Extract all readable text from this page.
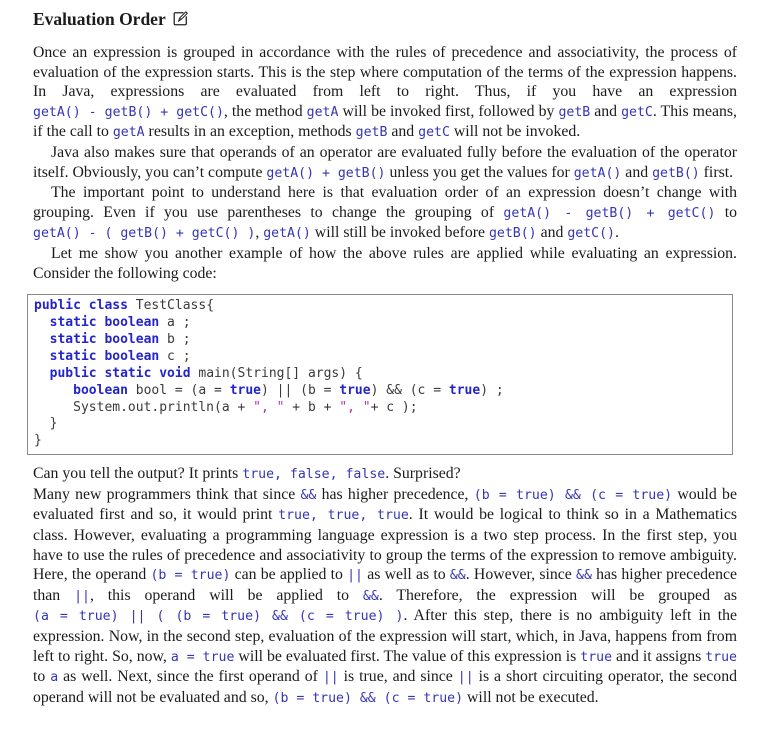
Evaluation Order

Once an expression is grouped in accordance with the rules of precedence and associativity, the process of evaluation of the expression starts. This is the step where computation of the terms of the expression happens. In Java, expressions are evaluated from left to right. Thus, if you have an expression getA() - getB() + getC(), the method getA will be invoked first, followed by getB and getC. This means, if the call to getA results in an exception, methods getB and getC will not be invoked.

Java also makes sure that operands of an operator are evaluated fully before the evaluation of the operator itself. Obviously, you can’t compute getA() + getB() unless you get the values for getA() and getB() first.

The important point to understand here is that evaluation order of an expression doesn’t change with grouping. Even if you use parentheses to change the grouping of getA() - getB() + getC() to getA() - ( getB() + getC() ), getA() will still be invoked before getB() and getC().

Let me show you another example of how the above rules are applied while evaluating an expression. Consider the following code:

public class TestClass{
static boolean a ;
static boolean b ;
static boolean c ;
public static void main(String[] args) {
boolean bool = (a = true) || (b = true) && (c = true) ;
System.out.println(a + ", " + b + ", "+ c );
}
}

Can you tell the output? It prints true, false, false. Surprised?

Many new programmers think that since && has higher precedence, (b = true) && (c = true) would be evaluated first and so, it would print true, true, true. It would be logical to think so in a Mathematics class. However, evaluating a programming language expression is a two step process. In the first step, you have to use the rules of precedence and associativity to group the terms of the expression to remove ambiguity. Here, the operand (b = true) can be applied to || as well as to &&. However, since && has higher precedence than ||, this operand will be applied to &&. Therefore, the expression will be grouped as (a = true) || ( (b = true) && (c = true) ). After this step, there is no ambiguity left in the expression. Now, in the second step, evaluation of the expression will start, which, in Java, happens from from left to right. So, now, a = true will be evaluated first. The value of this expression is true and it assigns true to a as well. Next, since the first operand of || is true, and since || is a short circuiting operator, the second operand will not be evaluated and so, (b = true) && (c = true) will not be executed.
